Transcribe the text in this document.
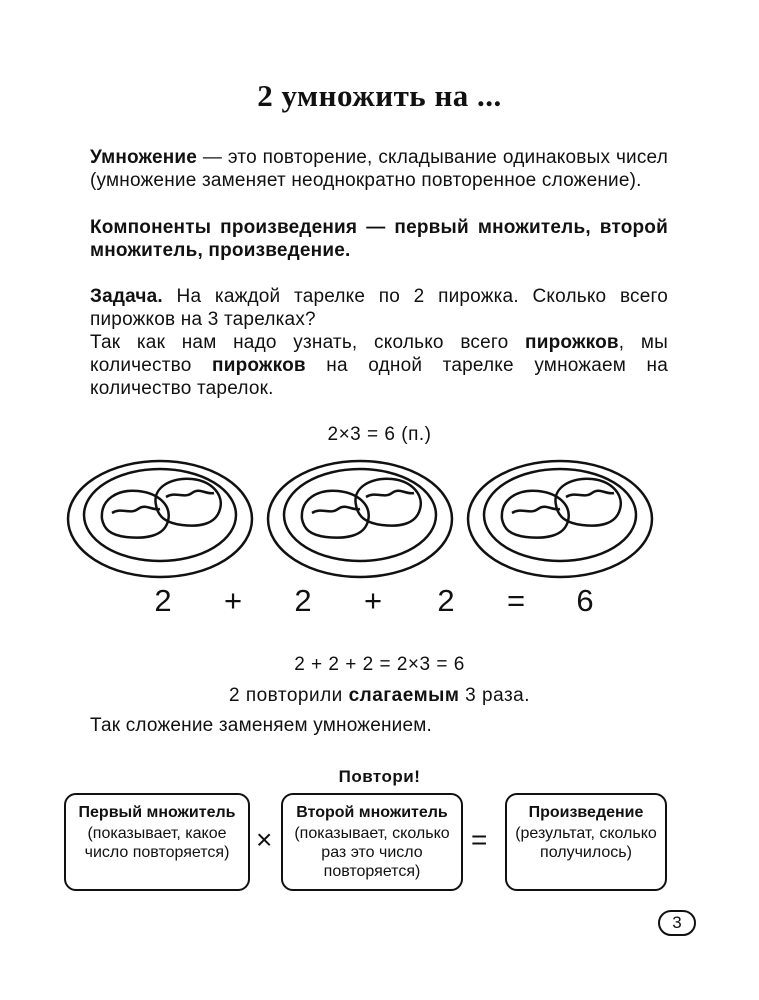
2 умножить на ...
Умножение — это повторение, складывание одинаковых чисел (умножение заменяет неоднократно повторенное сложение).
Компоненты произведения — первый множитель, второй множитель, произведение.
Задача. На каждой тарелке по 2 пирожка. Сколько всего пирожков на 3 тарелках?
Так как нам надо узнать, сколько всего пирожков, мы количество пирожков на одной тарелке умножаем на количество тарелок.
2×3 = 6 (п.)
2 + 2 + 2 = 6
2 + 2 + 2 = 2×3 = 6
2 повторили слагаемым 3 раза.
Так сложение заменяем умножением.
Повтори!
Первый множитель
(показывает, какое число повторяется) ×
Второй множитель
(показывает, сколько раз это число повторяется)
=
Произведение
(результат, сколько получилось)
3
